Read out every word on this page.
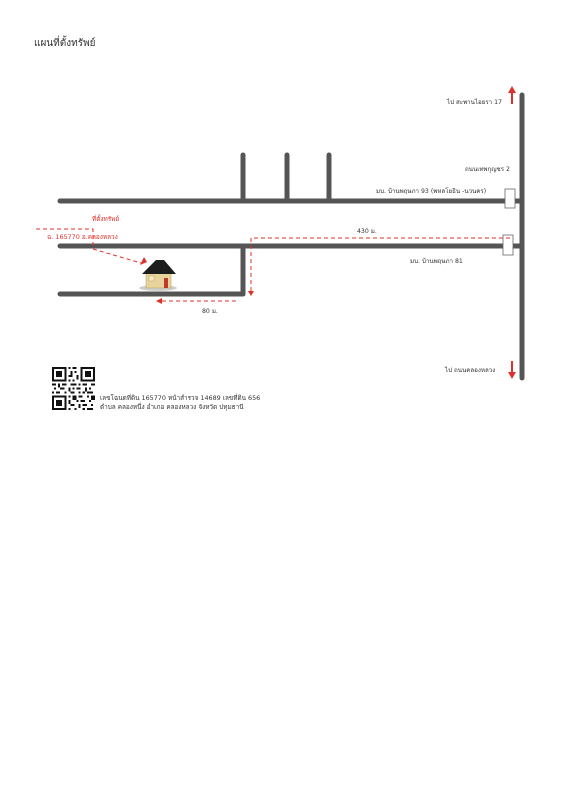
แผนที่ตั้งทรัพย์
ไป สะพานไอยรา 17
ถนนเทพกุญชร 2
มบ. บ้านพฤษภา 93 (พหลโยธิน -นวนคร)
430 ม.
มบ. บ้านพฤษภา 81
80 ม.
ไป ถนนคลองหลวง
ที่ตั้งทรัพย์
ฉ. 165770 อ.คลองหลวง
เลขโฉนดที่ดิน 165770 หน้าสำรวจ 14689 เลขที่ดิน 656
ตำบล คลองหนึ่ง อำเภอ คลองหลวง จังหวัด ปทุมธานี
